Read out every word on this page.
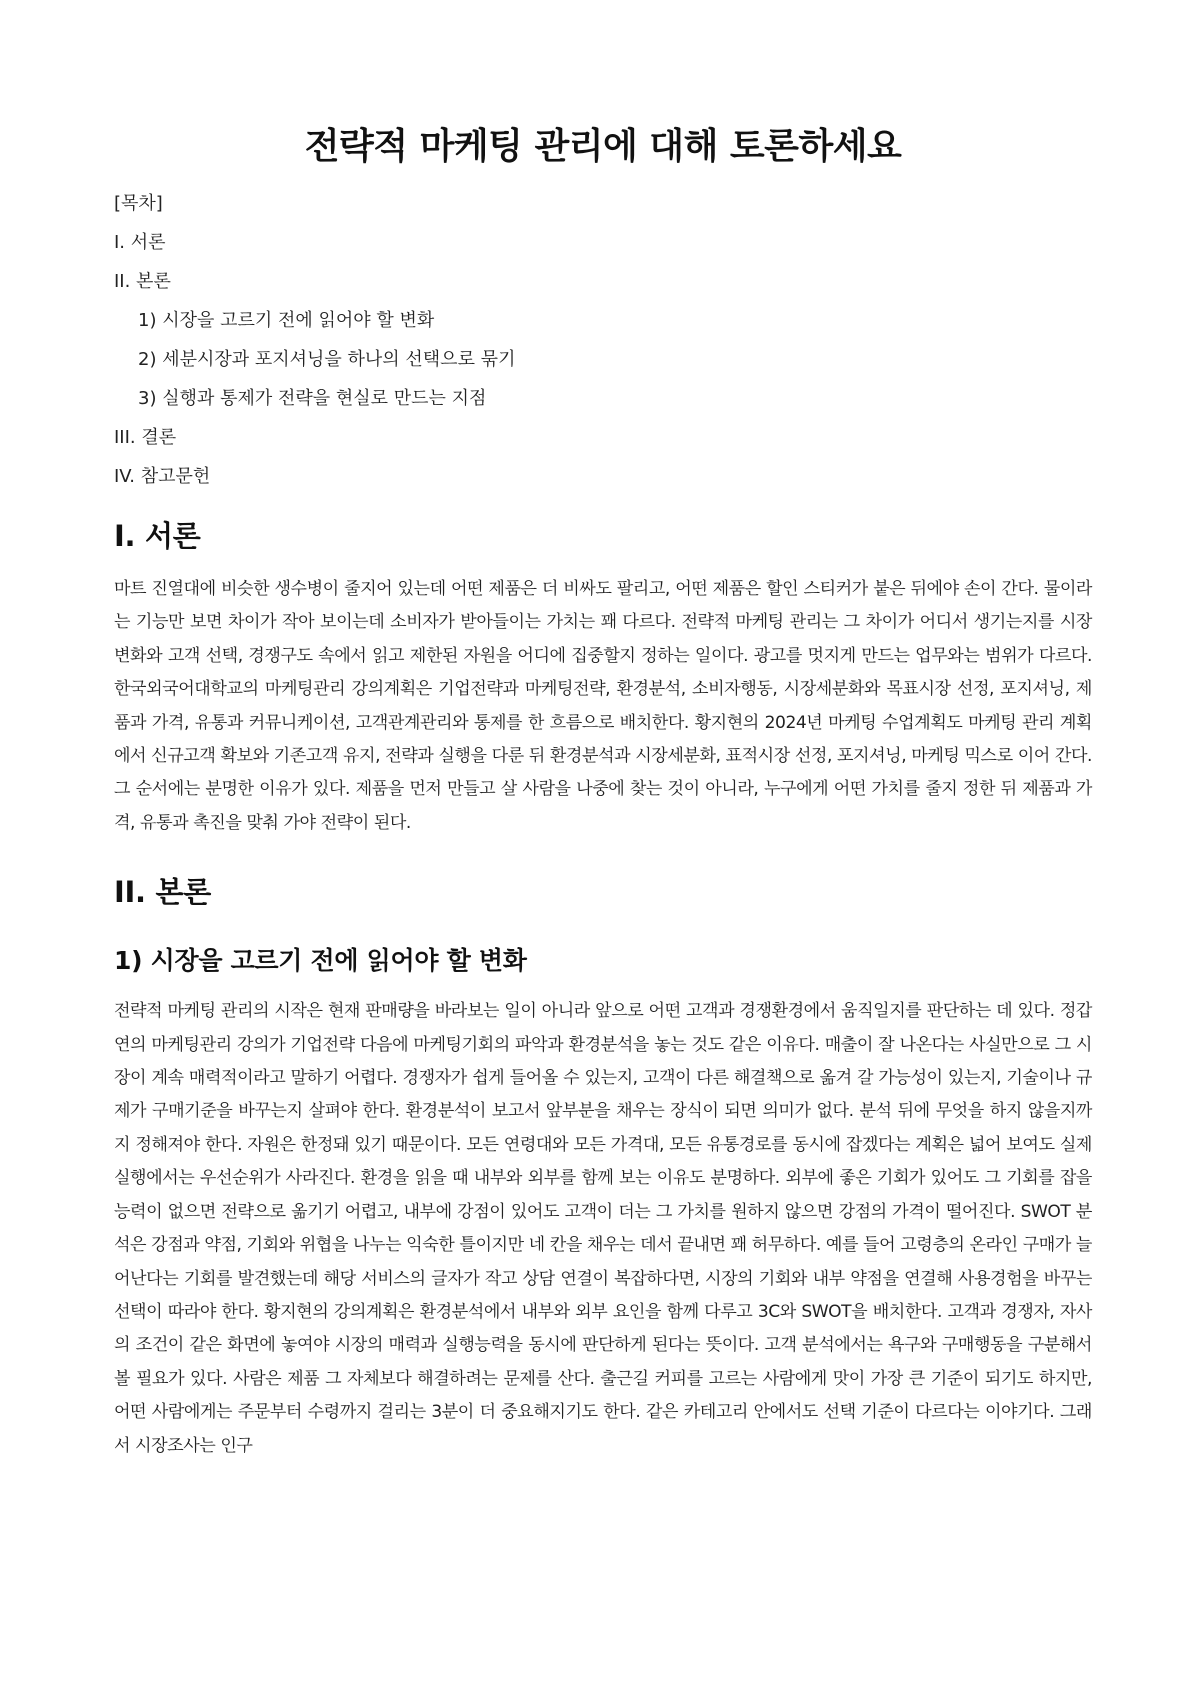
전략적 마케팅 관리에 대해 토론하세요
[목차]
I. 서론
II. 본론
1) 시장을 고르기 전에 읽어야 할 변화
2) 세분시장과 포지셔닝을 하나의 선택으로 묶기
3) 실행과 통제가 전략을 현실로 만드는 지점
III. 결론
IV. 참고문헌
I. 서론

마트 진열대에 비슷한 생수병이 줄지어 있는데 어떤 제품은 더 비싸도 팔리고, 어떤 제품은 할인 스티커가 붙은 뒤에야 손이 간다. 물이라는 기능만 보면 차이가 작아 보이는데 소비자가 받아들이는 가치는 꽤 다르다. 전략적 마케팅 관리는 그 차이가 어디서 생기는지를 시장 변화와 고객 선택, 경쟁구도 속에서 읽고 제한된 자원을 어디에 집중할지 정하는 일이다. 광고를 멋지게 만드는 업무와는 범위가 다르다. 한국외국어대학교의 마케팅관리 강의계획은 기업전략과 마케팅전략, 환경분석, 소비자행동, 시장세분화와 목표시장 선정, 포지셔닝, 제품과 가격, 유통과 커뮤니케이션, 고객관계관리와 통제를 한 흐름으로 배치한다. 황지현의 2024년 마케팅 수업계획도 마케팅 관리 계획에서 신규고객 확보와 기존고객 유지, 전략과 실행을 다룬 뒤 환경분석과 시장세분화, 표적시장 선정, 포지셔닝, 마케팅 믹스로 이어 간다. 그 순서에는 분명한 이유가 있다. 제품을 먼저 만들고 살 사람을 나중에 찾는 것이 아니라, 누구에게 어떤 가치를 줄지 정한 뒤 제품과 가격, 유통과 촉진을 맞춰 가야 전략이 된다.

II. 본론
1) 시장을 고르기 전에 읽어야 할 변화

전략적 마케팅 관리의 시작은 현재 판매량을 바라보는 일이 아니라 앞으로 어떤 고객과 경쟁환경에서 움직일지를 판단하는 데 있다. 정갑연의 마케팅관리 강의가 기업전략 다음에 마케팅기회의 파악과 환경분석을 놓는 것도 같은 이유다. 매출이 잘 나온다는 사실만으로 그 시장이 계속 매력적이라고 말하기 어렵다. 경쟁자가 쉽게 들어올 수 있는지, 고객이 다른 해결책으로 옮겨 갈 가능성이 있는지, 기술이나 규제가 구매기준을 바꾸는지 살펴야 한다. 환경분석이 보고서 앞부분을 채우는 장식이 되면 의미가 없다. 분석 뒤에 무엇을 하지 않을지까지 정해져야 한다. 자원은 한정돼 있기 때문이다. 모든 연령대와 모든 가격대, 모든 유통경로를 동시에 잡겠다는 계획은 넓어 보여도 실제 실행에서는 우선순위가 사라진다. 환경을 읽을 때 내부와 외부를 함께 보는 이유도 분명하다. 외부에 좋은 기회가 있어도 그 기회를 잡을 능력이 없으면 전략으로 옮기기 어렵고, 내부에 강점이 있어도 고객이 더는 그 가치를 원하지 않으면 강점의 가격이 떨어진다. SWOT 분석은 강점과 약점, 기회와 위협을 나누는 익숙한 틀이지만 네 칸을 채우는 데서 끝내면 꽤 허무하다. 예를 들어 고령층의 온라인 구매가 늘어난다는 기회를 발견했는데 해당 서비스의 글자가 작고 상담 연결이 복잡하다면, 시장의 기회와 내부 약점을 연결해 사용경험을 바꾸는 선택이 따라야 한다. 황지현의 강의계획은 환경분석에서 내부와 외부 요인을 함께 다루고 3C와 SWOT을 배치한다. 고객과 경쟁자, 자사의 조건이 같은 화면에 놓여야 시장의 매력과 실행능력을 동시에 판단하게 된다는 뜻이다. 고객 분석에서는 욕구와 구매행동을 구분해서 볼 필요가 있다. 사람은 제품 그 자체보다 해결하려는 문제를 산다. 출근길 커피를 고르는 사람에게 맛이 가장 큰 기준이 되기도 하지만, 어떤 사람에게는 주문부터 수령까지 걸리는 3분이 더 중요해지기도 한다. 같은 카테고리 안에서도 선택 기준이 다르다는 이야기다. 그래서 시장조사는 인구
